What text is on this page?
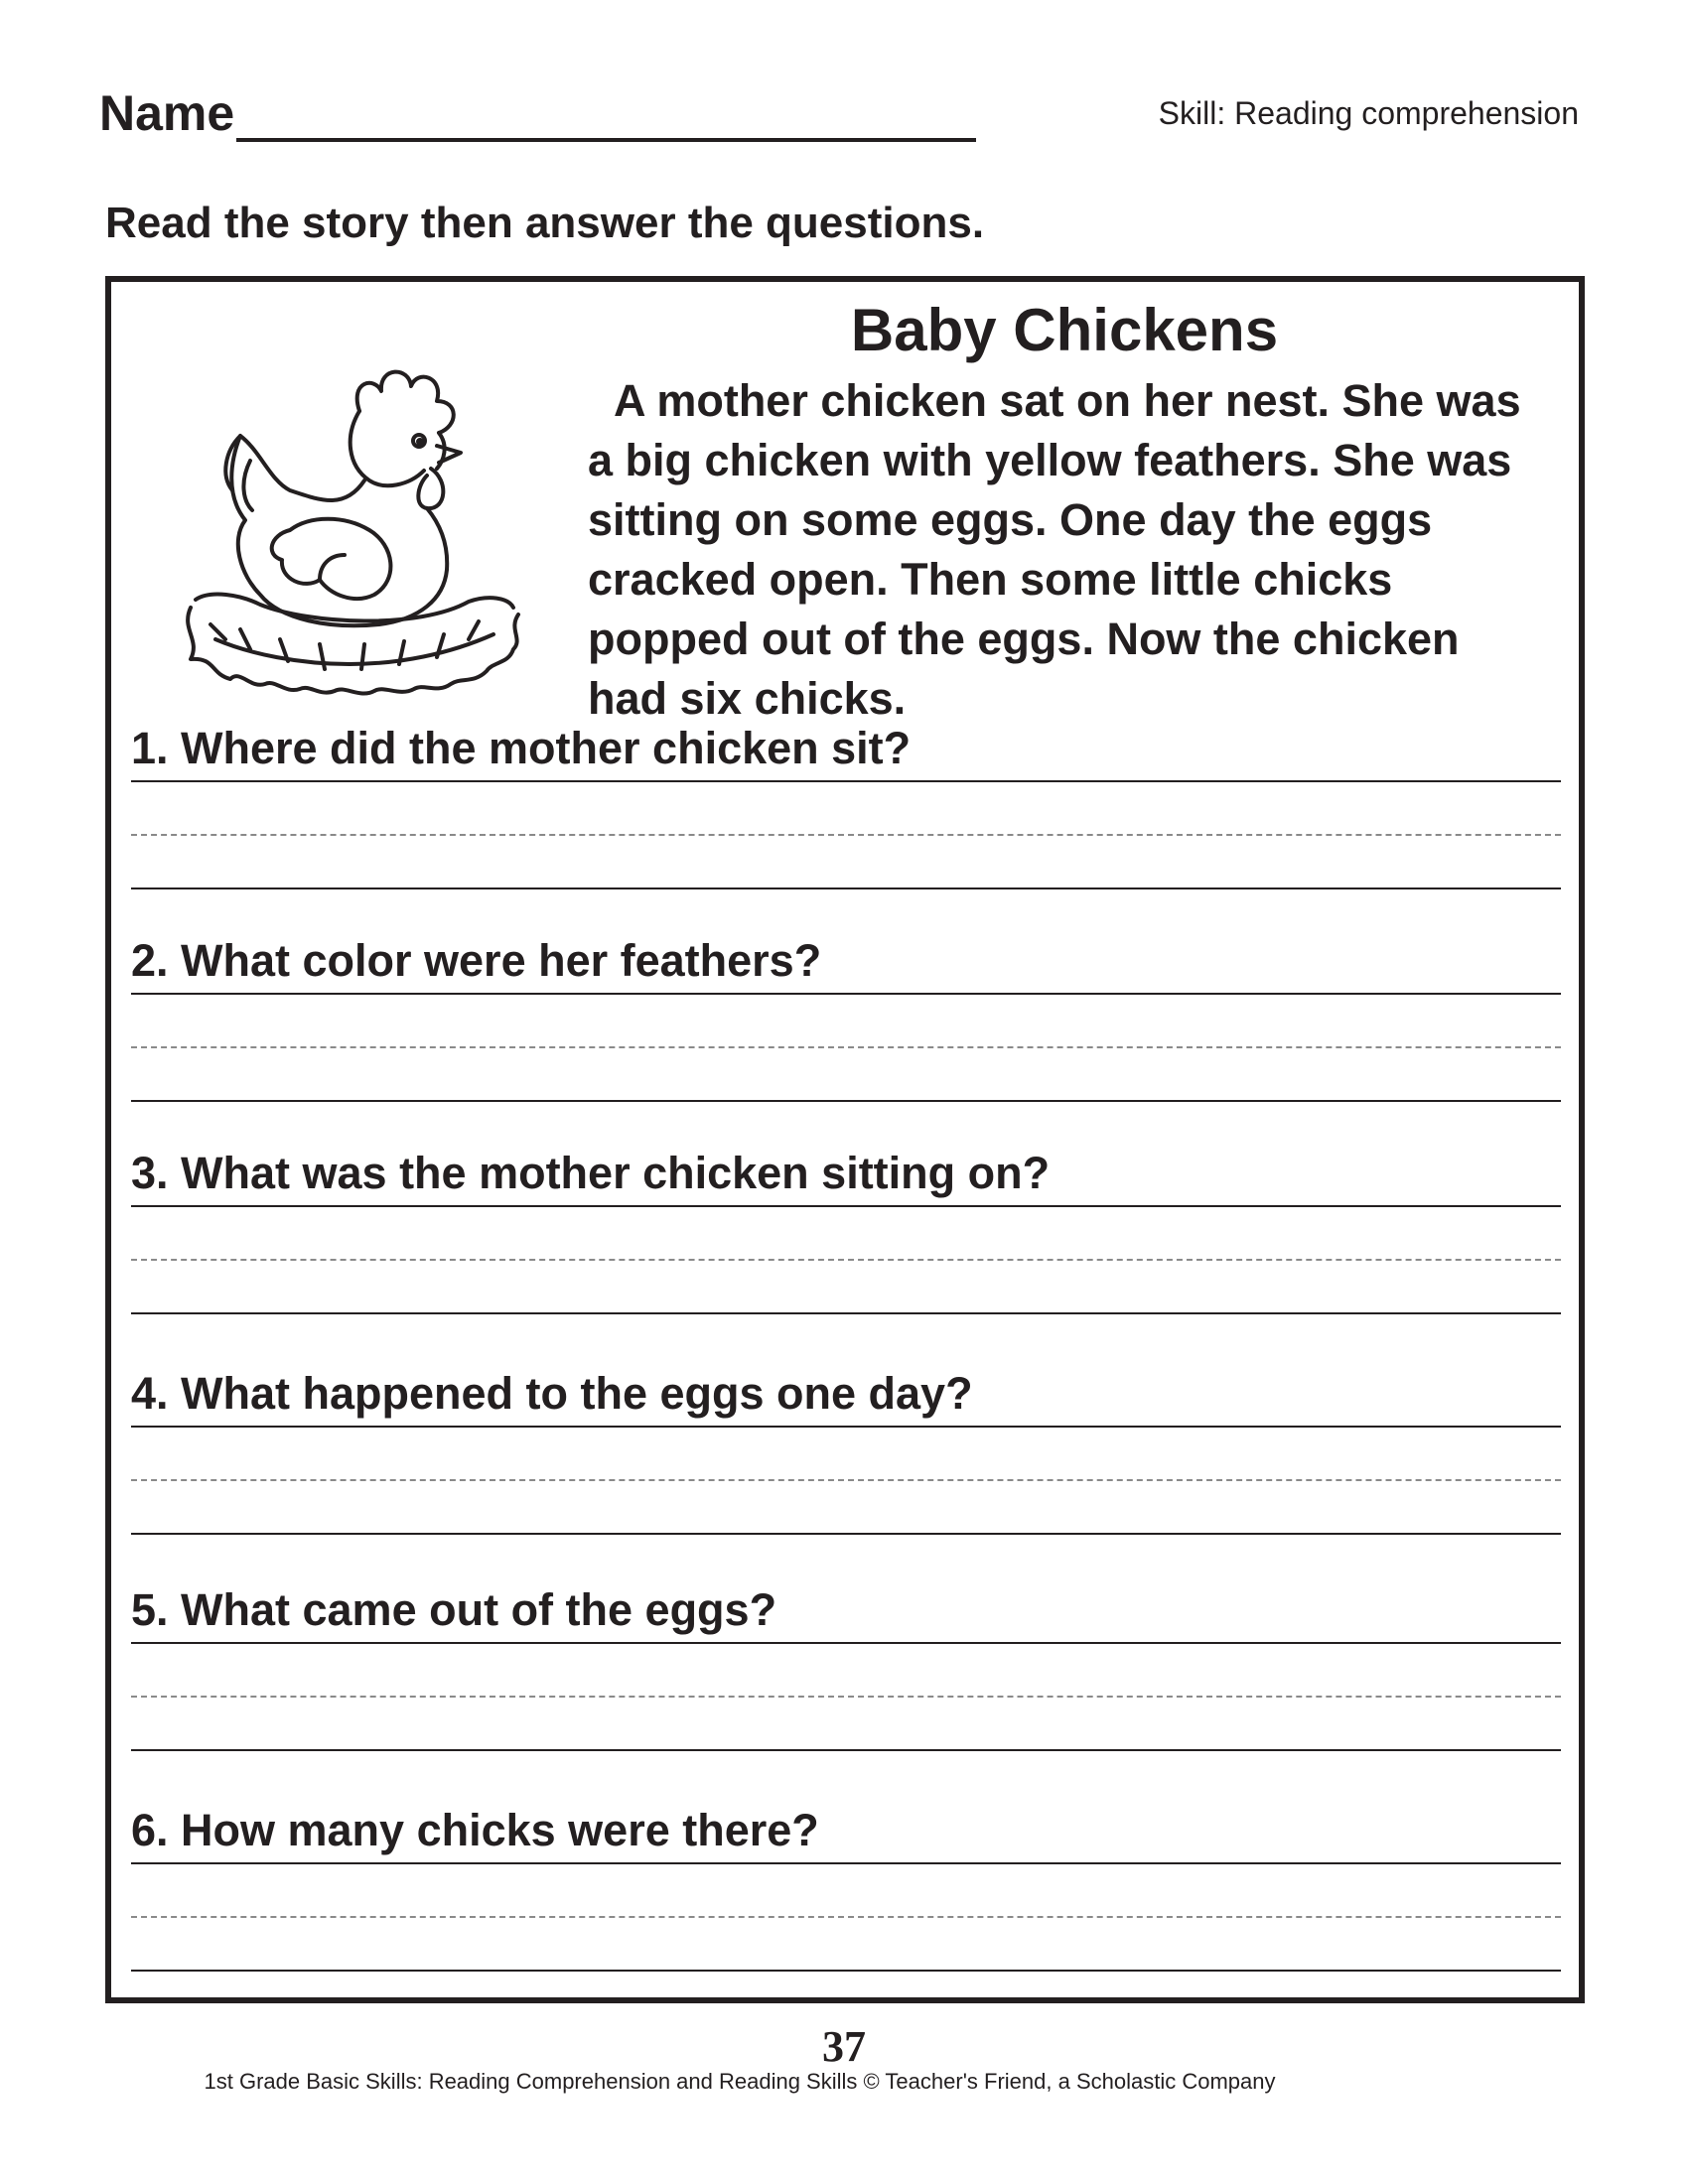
Name	Skill: Reading comprehension
Read the story then answer the questions.
Baby Chickens

A mother chicken sat on her nest. She was a big chicken with yellow feathers. She was sitting on some eggs. One day the eggs cracked open. Then some little chicks popped out of the eggs. Now the chicken had six chicks.

1. Where did the mother chicken sit?
2. What color were her feathers?
3. What was the mother chicken sitting on?
4. What happened to the eggs one day?
5. What came out of the eggs?
6. How many chicks were there?
37
1st Grade Basic Skills: Reading Comprehension and Reading Skills © Teacher's Friend, a Scholastic Company
